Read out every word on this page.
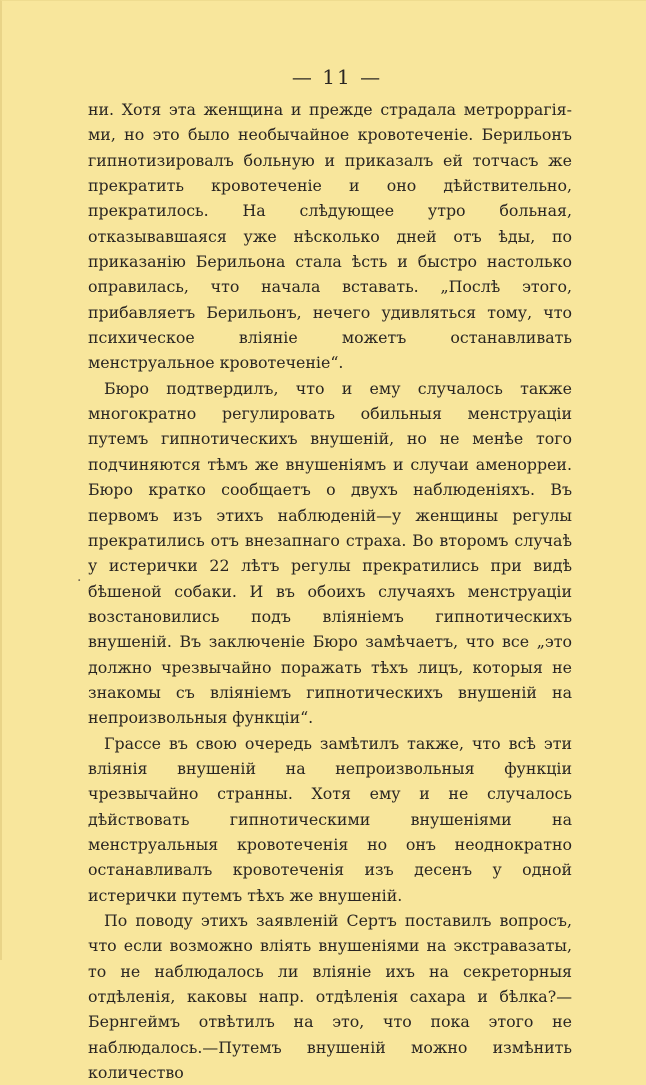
— 11 —
·

ни. Хотя эта женщина и прежде страдала метроррагія-ми, но это было необычайное кровотеченіе. Берильонъ гипнотизировалъ больную и приказалъ ей тотчасъ же прекратить кровотеченіе и оно дѣйствительно, прекратилось. На слѣдующее утро больная, отказывавшаяся уже нѣсколько дней отъ ѣды, по приказанію Берильона стала ѣсть и быстро настолько оправилась, что начала вставать. „Послѣ этого, прибавляетъ Берильонъ, нечего удивляться тому, что психическое вліяніе можетъ останавливать менструальное кровотеченіе“.

Бюро подтвердилъ, что и ему случалось также многократно регулировать обильныя менструаціи путемъ гипнотическихъ внушеній, но не менѣе того подчиняются тѣмъ же внушеніямъ и случаи аменорреи. Бюро кратко сообщаетъ о двухъ наблюденіяхъ. Въ первомъ изъ этихъ наблюденій—у женщины регулы прекратились отъ внезапнаго страха. Во второмъ случаѣ у истерички 22 лѣтъ регулы прекратились при видѣ бѣшеной собаки. И въ обоихъ случаяхъ менструаціи возстановились подъ вліяніемъ гипнотическихъ внушеній. Въ заключеніе Бюро замѣчаетъ, что все „это должно чрезвычайно поражать тѣхъ лицъ, которыя не знакомы съ вліяніемъ гипнотическихъ внушеній на непроизвольныя функціи“.

Грассе въ свою очередь замѣтилъ также, что всѣ эти вліянія внушеній на непроизвольныя функціи чрезвычайно странны. Хотя ему и не случалось дѣйствовать гипнотическими внушеніями на менструальныя кровотеченія но онъ неоднократно останавливалъ кровотеченія изъ десенъ у одной истерички путемъ тѣхъ же внушеній.

По поводу этихъ заявленій Сертъ поставилъ вопросъ, что если возможно вліять внушеніями на экстравазаты, то не наблюдалось ли вліяніе ихъ на секреторныя отдѣленія, каковы напр. отдѣленія сахара и бѣлка?— Бернгеймъ отвѣтилъ на это, что пока этого не наблюдалось.—Путемъ внушеній можно измѣнить количество
